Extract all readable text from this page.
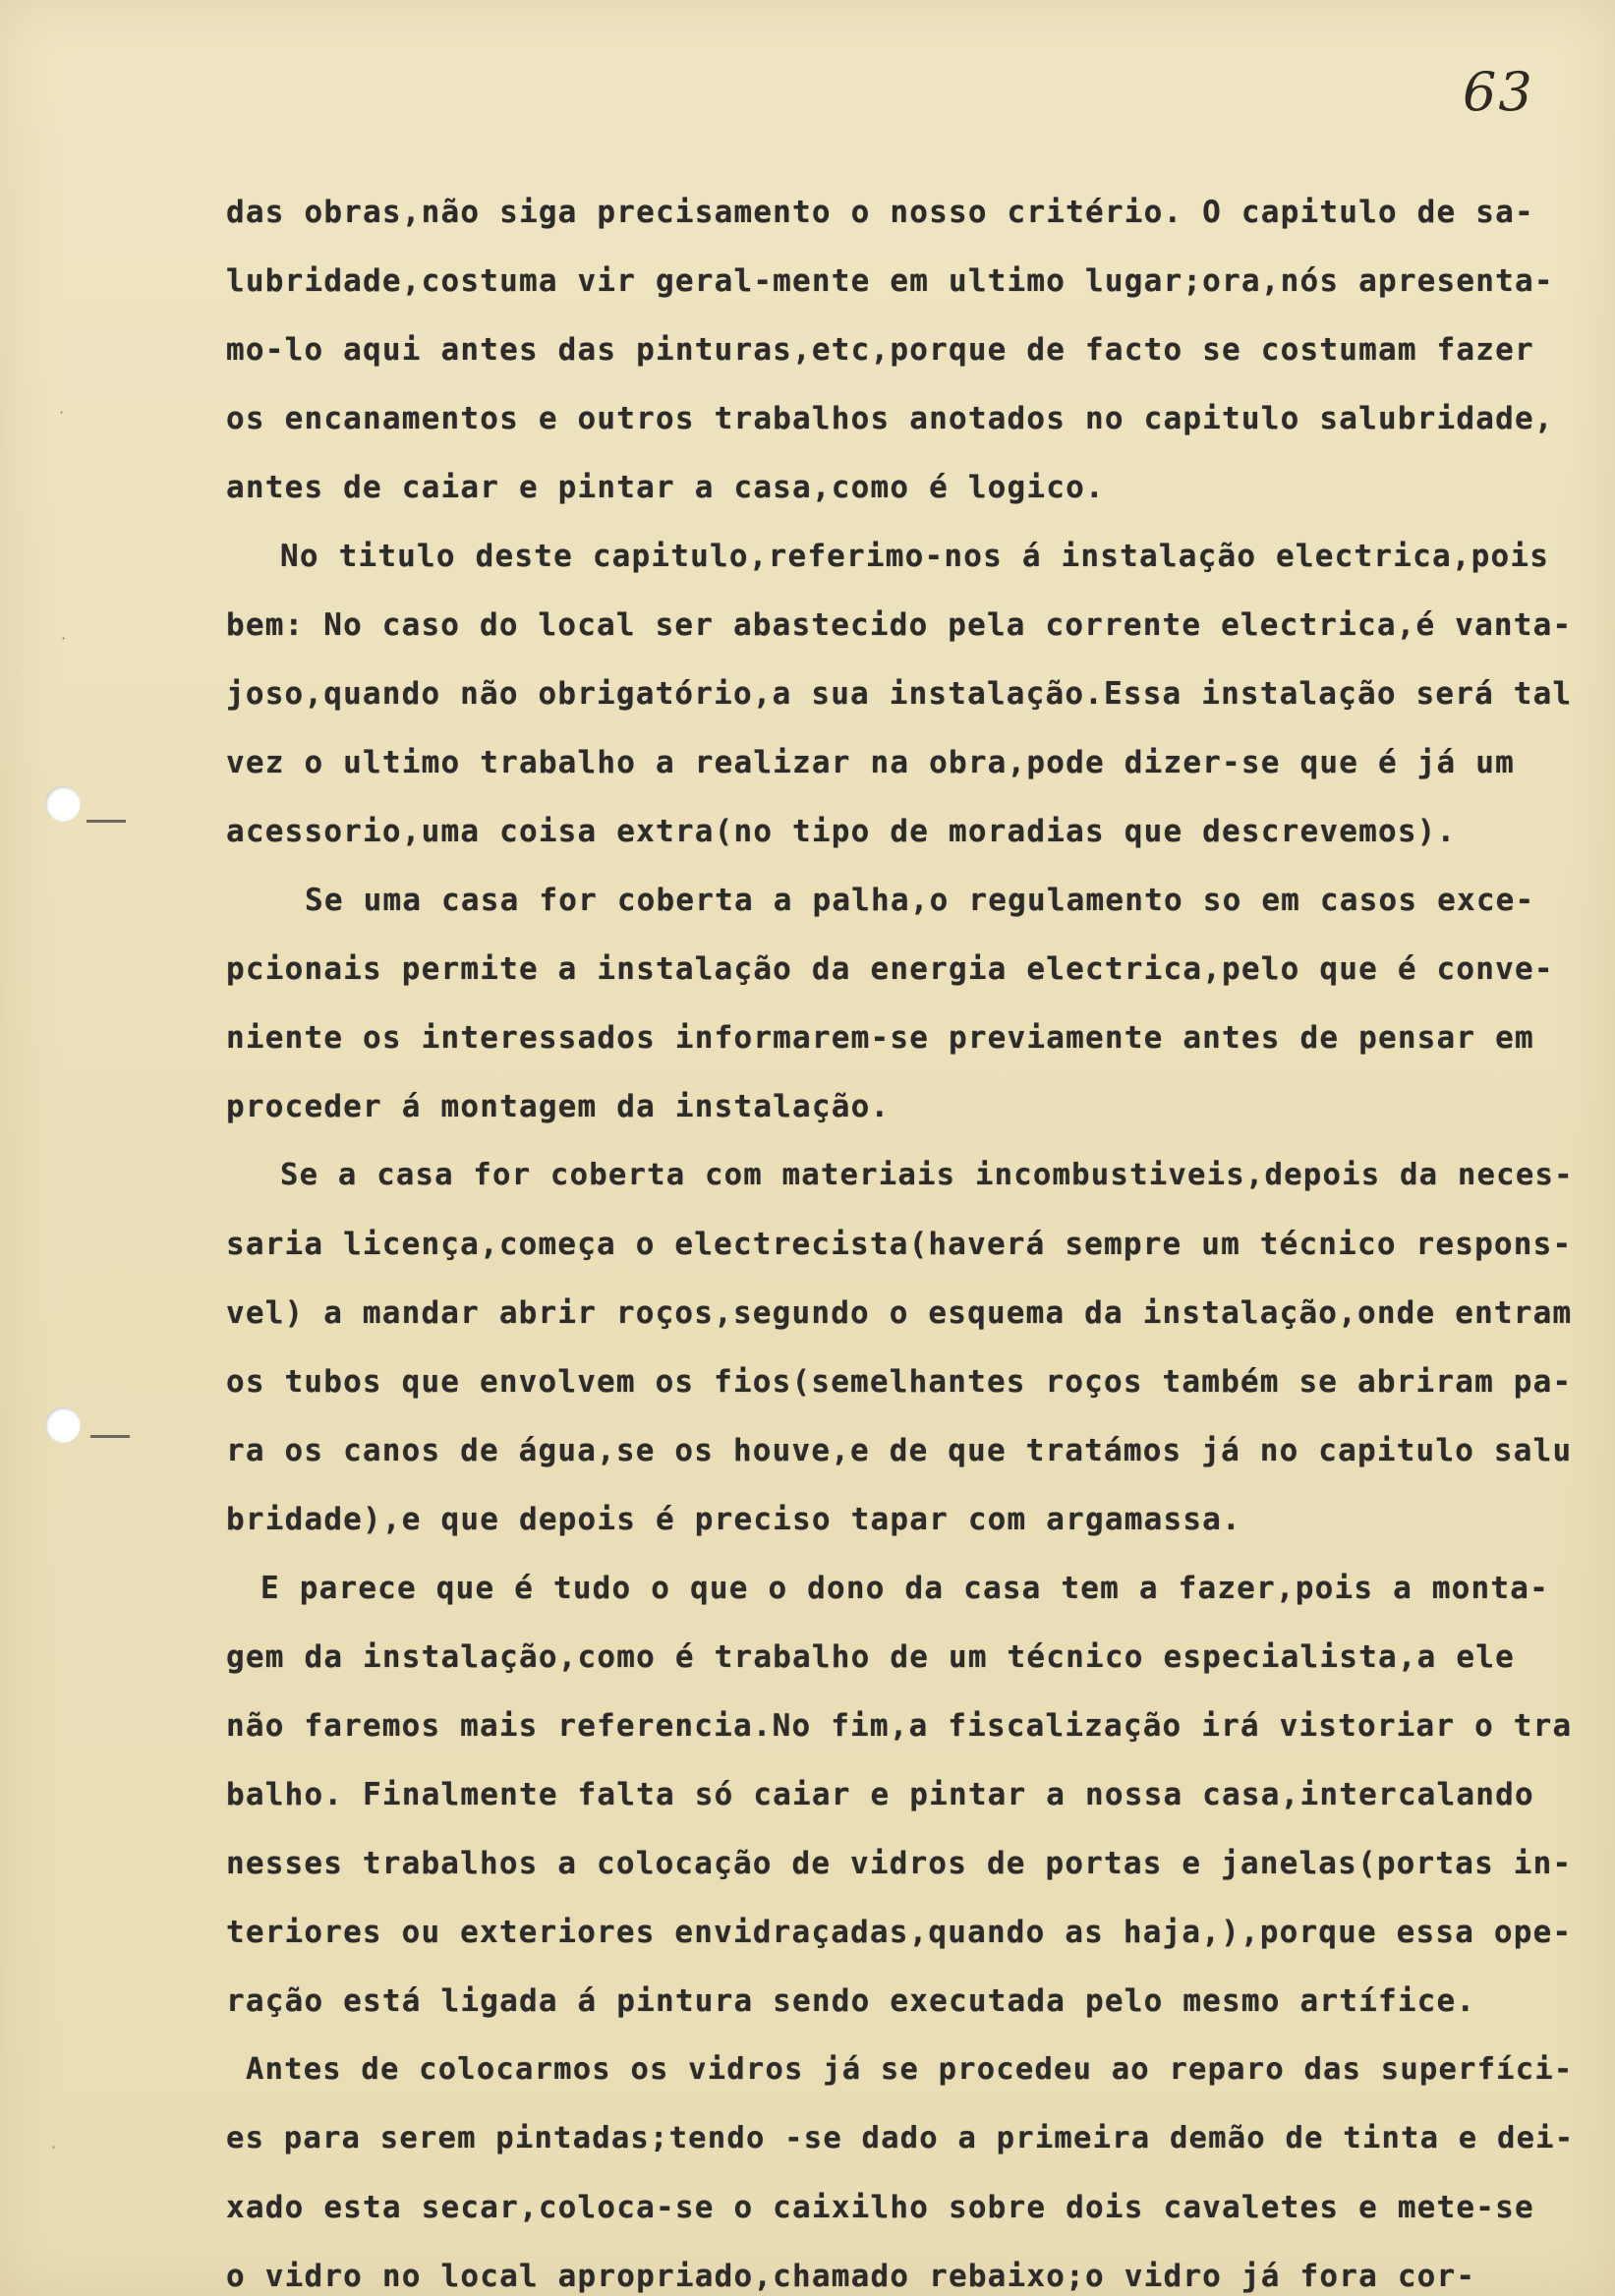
63
·
·
·
das obras,não siga precisamento o nosso critério. O capitulo de sa-
lubridade,costuma vir geral-mente em ultimo lugar;ora,nós apresenta-
mo-lo aqui antes das pinturas,etc,porque de facto se costumam fazer
os encanamentos e outros trabalhos anotados no capitulo salubridade,
antes de caiar e pintar a casa,como é logico.
No titulo deste capitulo,referimo-nos á instalação electrica,pois
bem: No caso do local ser abastecido pela corrente electrica,é vanta-
joso,quando não obrigatório,a sua instalação.Essa instalação será tal
vez o ultimo trabalho a realizar na obra,pode dizer-se que é já um
acessorio,uma coisa extra(no tipo de moradias que descrevemos).
Se uma casa for coberta a palha,o regulamento so em casos exce-
pcionais permite a instalação da energia electrica,pelo que é conve-
niente os interessados informarem-se previamente antes de pensar em
proceder á montagem da instalação.
Se a casa for coberta com materiais incombustiveis,depois da neces-
saria licença,começa o electrecista(haverá sempre um técnico respons-
vel) a mandar abrir roços,segundo o esquema da instalação,onde entram
os tubos que envolvem os fios(semelhantes roços também se abriram pa-
ra os canos de água,se os houve,e de que tratámos já no capitulo salu
bridade),e que depois é preciso tapar com argamassa.
E parece que é tudo o que o dono da casa tem a fazer,pois a monta-
gem da instalação,como é trabalho de um técnico especialista,a ele
não faremos mais referencia.No fim,a fiscalização irá vistoriar o tra
balho. Finalmente falta só caiar e pintar a nossa casa,intercalando
nesses trabalhos a colocação de vidros de portas e janelas(portas in-
teriores ou exteriores envidraçadas,quando as haja,),porque essa ope-
ração está ligada á pintura sendo executada pelo mesmo artífice.
Antes de colocarmos os vidros já se procedeu ao reparo das superfíci-
es para serem pintadas;tendo -se dado a primeira demão de tinta e dei-
xado esta secar,coloca-se o caixilho sobre dois cavaletes e mete-se
o vidro no local apropriado,chamado rebaixo;o vidro já fora cor-
